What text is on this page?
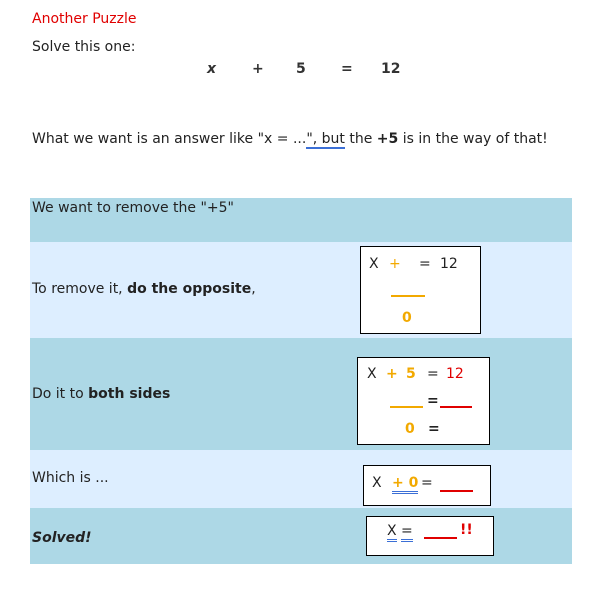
Another Puzzle
Solve this one:
x	+ 5	= 12
What we want is an answer like "x = ...", but the +5 is in the way of that!
We want to remove the "+5"
To remove it, do the opposite,
X + = 12
0
Do it to both sides
X + 5 = 12
=
0 =
Which is ...	X + 0 =
Solved!	X =	!!
